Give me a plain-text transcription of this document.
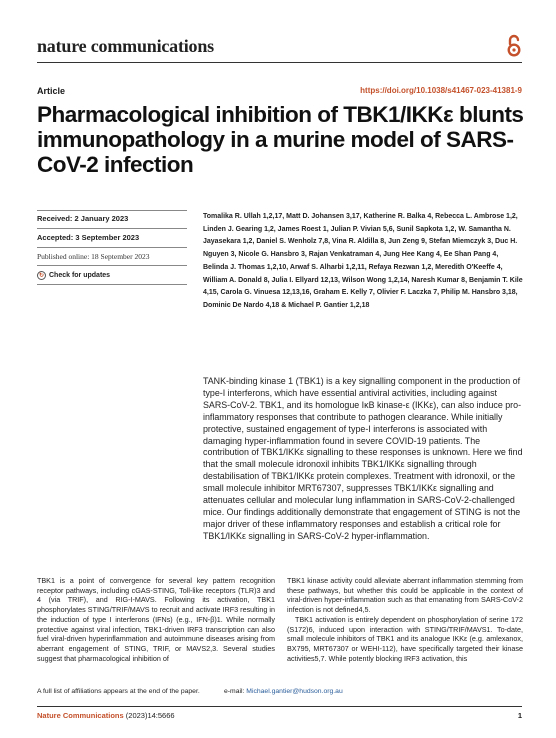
nature communications
Article	https://doi.org/10.1038/s41467-023-41381-9
Pharmacological inhibition of TBK1/IKKε blunts immunopathology in a murine model of SARS-CoV-2 infection
Received: 2 January 2023
Accepted: 3 September 2023
Published online: 18 September 2023
↻ Check for updates
Tomalika R. Ullah 1,2,17, Matt D. Johansen 3,17, Katherine R. Balka 4, Rebecca L. Ambrose 1,2, Linden J. Gearing 1,2, James Roest 1, Julian P. Vivian 5,6, Sunil Sapkota 1,2, W. Samantha N. Jayasekara 1,2, Daniel S. Wenholz 7,8, Vina R. Aldilla 8, Jun Zeng 9, Stefan Miemczyk 3, Duc H. Nguyen 3, Nicole G. Hansbro 3, Rajan Venkatraman 4, Jung Hee Kang 4, Ee Shan Pang 4, Belinda J. Thomas 1,2,10, Arwaf S. Alharbi 1,2,11, Refaya Rezwan 1,2, Meredith O'Keeffe 4, William A. Donald 8, Julia I. Ellyard 12,13, Wilson Wong 1,2,14, Naresh Kumar 8, Benjamin T. Kile 4,15, Carola G. Vinuesa 12,13,16, Graham E. Kelly 7, Olivier F. Laczka 7, Philip M. Hansbro 3,18, Dominic De Nardo 4,18 & Michael P. Gantier 1,2,18

TANK-binding kinase 1 (TBK1) is a key signalling component in the production of type-I interferons, which have essential antiviral activities, including against SARS-CoV-2. TBK1, and its homologue IκB kinase-ε (IKKε), can also induce pro-inflammatory responses that contribute to pathogen clearance. While initially protective, sustained engagement of type-I interferons is associated with damaging hyper-inflammation found in severe COVID-19 patients. The contribution of TBK1/IKKε signalling to these responses is unknown. Here we find that the small molecule idronoxil inhibits TBK1/IKKε signalling through destabilisation of TBK1/IKKε protein complexes. Treatment with idronoxil, or the small molecule inhibitor MRT67307, suppresses TBK1/IKKε signalling and attenuates cellular and molecular lung inflammation in SARS-CoV-2-challenged mice. Our findings additionally demonstrate that engagement of STING is not the major driver of these inflammatory responses and establish a critical role for TBK1/IKKε signalling in SARS-CoV-2 hyper-inflammation.

TBK1 is a point of convergence for several key pattern recognition receptor pathways, including cGAS-STING, Toll-like receptors (TLR)3 and 4 (via TRIF), and RIG-I-MAVS. Following its activation, TBK1 phosphorylates STING/TRIF/MAVS to recruit and activate IRF3 resulting in the induction of type I interferons (IFNs) (e.g., IFN-β)1. While normally protective against viral infection, TBK1-driven IRF3 transcription can also fuel viral-driven hyperinflammation and autoimmune diseases arising from aberrant engagement of STING, TRIF, or MAVS2,3. Several studies suggest that pharmacological inhibition of

TBK1 kinase activity could alleviate aberrant inflammation stemming from these pathways, but whether this could be applicable in the context of viral-driven hyper-inflammation such as that emanating from SARS-CoV-2 infection is not defined4,5.

TBK1 activation is entirely dependent on phosphorylation of serine 172 (S172)6, induced upon interaction with STING/TRIF/MAVS1. To-date, small molecule inhibitors of TBK1 and its analogue IKKε (e.g. amlexanox, BX795, MRT67307 or WEHI-112), have specifically targeted their kinase activities5,7. While potently blocking IRF3 activation, this

A full list of affiliations appears at the end of the paper.	e-mail: Michael.gantier@hudson.org.au
Nature Communications (2023)14:5666	1
